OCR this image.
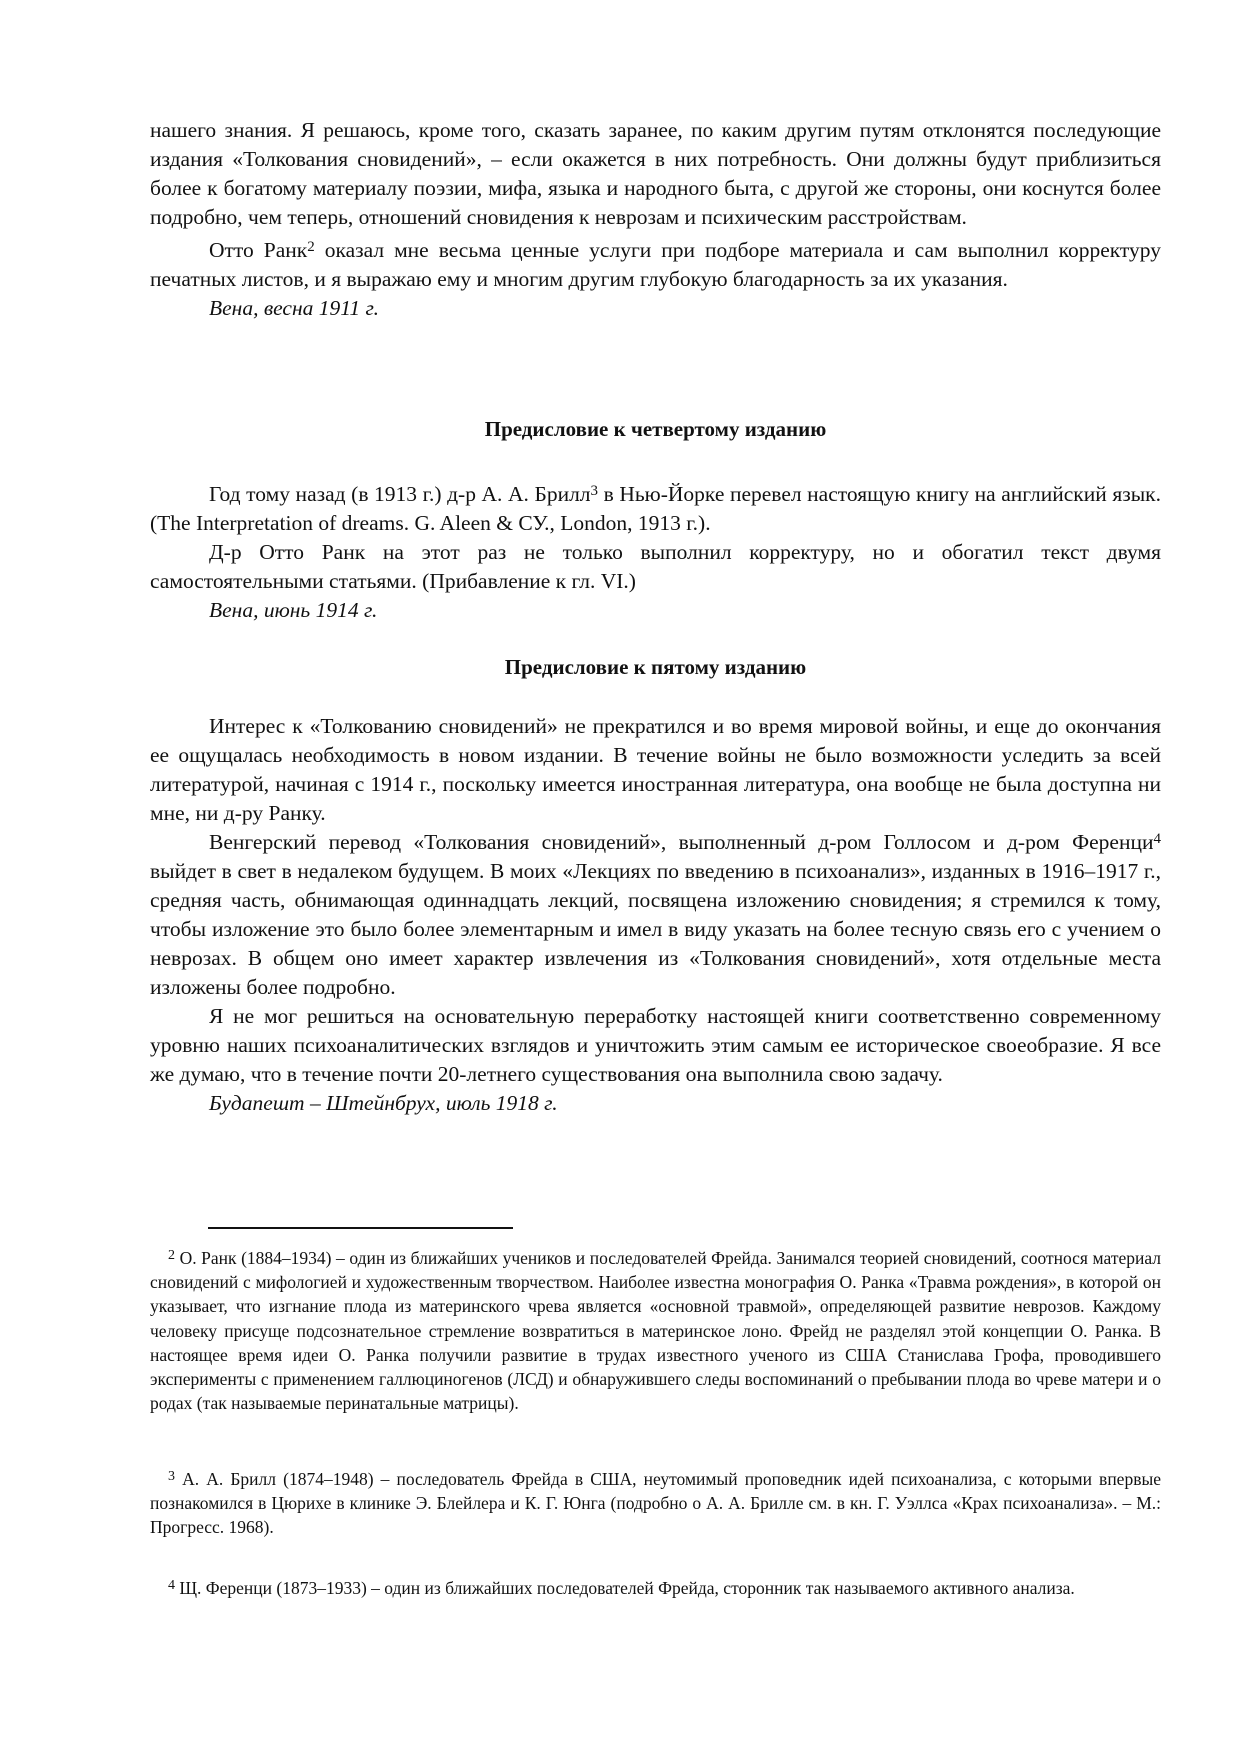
нашего знания. Я решаюсь, кроме того, сказать заранее, по каким другим путям отклонятся последующие издания «Толкования сновидений», – если окажется в них потребность. Они должны будут приблизиться более к богатому материалу поэзии, мифа, языка и народного быта, с другой же стороны, они коснутся более подробно, чем теперь, отношений сновидения к неврозам и психическим расстройствам.

Отто Ранк$^2$ оказал мне весьма ценные услуги при подборе материала и сам выполнил корректуру печатных листов, и я выражаю ему и многим другим глубокую благодарность за их указания.

Вена, весна 1911 г.

Предисловие к четвертому изданию

Год тому назад (в 1913 г.) д-р А. А. Брилл$^3$ в Нью-Йорке перевел настоящую книгу на английский язык. (The Interpretation of dreams. G. Aleen & СУ., London, 1913 г.).

Д-р Отто Ранк на этот раз не только выполнил корректуру, но и обогатил текст двумя самостоятельными статьями. (Прибавление к гл. VI.)

Вена, июнь 1914 г.

Предисловие к пятому изданию

Интерес к «Толкованию сновидений» не прекратился и во время мировой войны, и еще до окончания ее ощущалась необходимость в новом издании. В течение войны не было возможности уследить за всей литературой, начиная с 1914 г., поскольку имеется иностранная литература, она вообще не была доступна ни мне, ни д-ру Ранку.

Венгерский перевод «Толкования сновидений», выполненный д-ром Голлосом и д-ром Ференци$^4$ выйдет в свет в недалеком будущем. В моих «Лекциях по введению в психоанализ», изданных в 1916–1917 г., средняя часть, обнимающая одиннадцать лекций, посвящена изложению сновидения; я стремился к тому, чтобы изложение это было более элементарным и имел в виду указать на более тесную связь его с учением о неврозах. В общем оно имеет характер извлечения из «Толкования сновидений», хотя отдельные места изложены более подробно.

Я не мог решиться на основательную переработку настоящей книги соответственно современному уровню наших психоаналитических взглядов и уничтожить этим самым ее историческое своеобразие. Я все же думаю, что в течение почти 20-летнего существования она выполнила свою задачу.

Будапешт – Штейнбрух, июль 1918 г.

$^2$ О. Ранк (1884–1934) – один из ближайших учеников и последователей Фрейда. Занимался теорией сновидений, соотнося материал сновидений с мифологией и художественным творчеством. Наиболее известна монография О. Ранка «Травма рождения», в которой он указывает, что изгнание плода из материнского чрева является «основной травмой», определяющей развитие неврозов. Каждому человеку присуще подсознательное стремление возвратиться в материнское лоно. Фрейд не разделял этой концепции О. Ранка. В настоящее время идеи О. Ранка получили развитие в трудах известного ученого из США Станислава Грофа, проводившего эксперименты с применением галлюциногенов (ЛСД) и обнаружившего следы воспоминаний о пребывании плода во чреве матери и о родах (так называемые перинатальные матрицы).

$^3$ А. А. Брилл (1874–1948) – последователь Фрейда в США, неутомимый проповедник идей психоанализа, с которыми впервые познакомился в Цюрихе в клинике Э. Блейлера и К. Г. Юнга (подробно о А. А. Брилле см. в кн. Г. Уэллса «Крах психоанализа». – М.: Прогресс. 1968).

$^4$ Щ. Ференци (1873–1933) – один из ближайших последователей Фрейда, сторонник так называемого активного анализа.
